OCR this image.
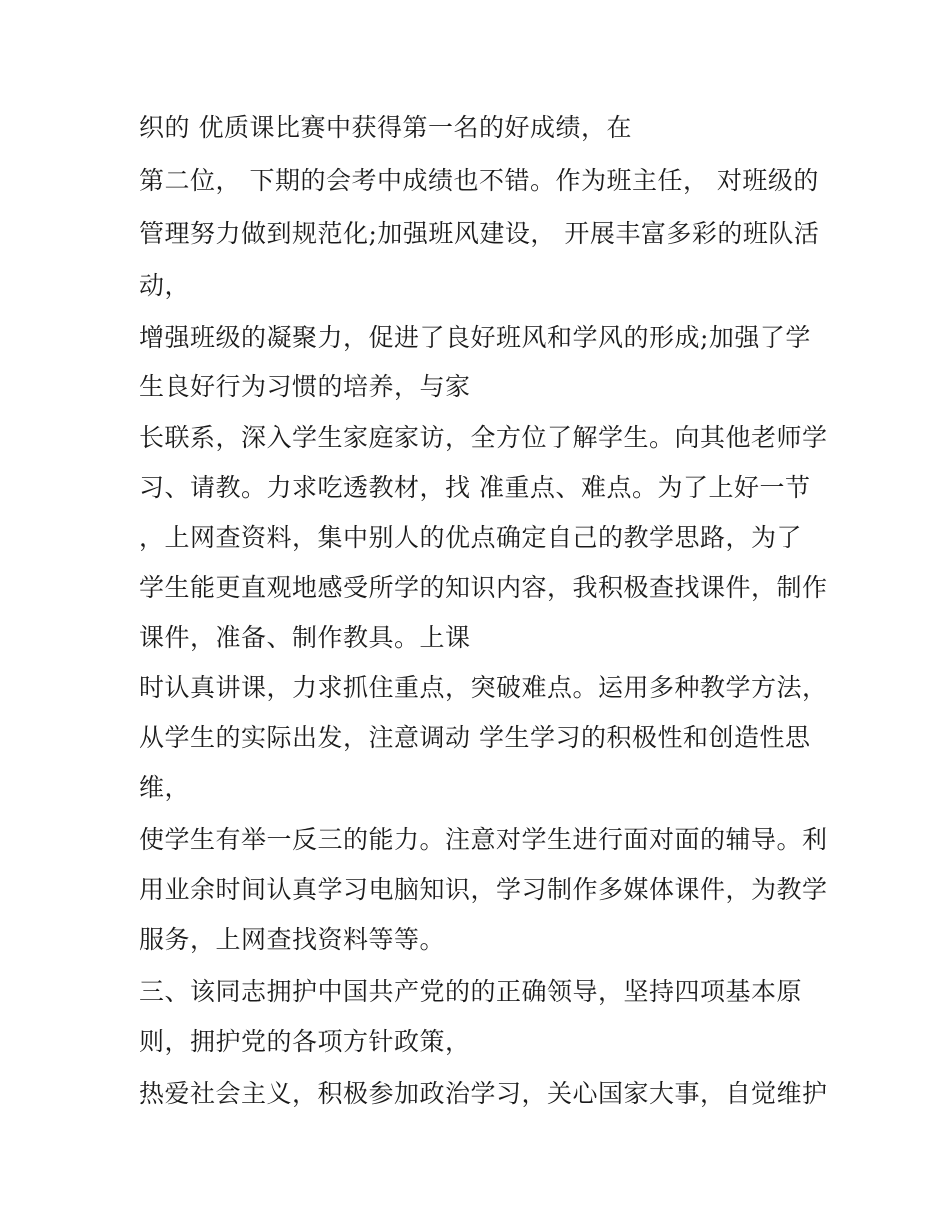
织的 优质课比赛中获得第一名的好成绩，在
第二位， 下期的会考中成绩也不错。作为班主任， 对班级的
管理努力做到规范化;加强班风建设， 开展丰富多彩的班队活
动，
增强班级的凝聚力，促进了良好班风和学风的形成;加强了学
生良好行为习惯的培养，与家
长联系，深入学生家庭家访，全方位了解学生。向其他老师学
习、请教。力求吃透教材，找 准重点、难点。为了上好一节
，上网查资料，集中别人的优点确定自己的教学思路，为了
学生能更直观地感受所学的知识内容，我积极查找课件，制作
课件，准备、制作教具。上课
时认真讲课，力求抓住重点，突破难点。运用多种教学方法，
从学生的实际出发，注意调动 学生学习的积极性和创造性思
维，
使学生有举一反三的能力。注意对学生进行面对面的辅导。利
用业余时间认真学习电脑知识，学习制作多媒体课件，为教学
服务，上网查找资料等等。
三、该同志拥护中国共产党的的正确领导，坚持四项基本原
则，拥护党的各项方针政策，
热爱社会主义，积极参加政治学习，关心国家大事，自觉维护
